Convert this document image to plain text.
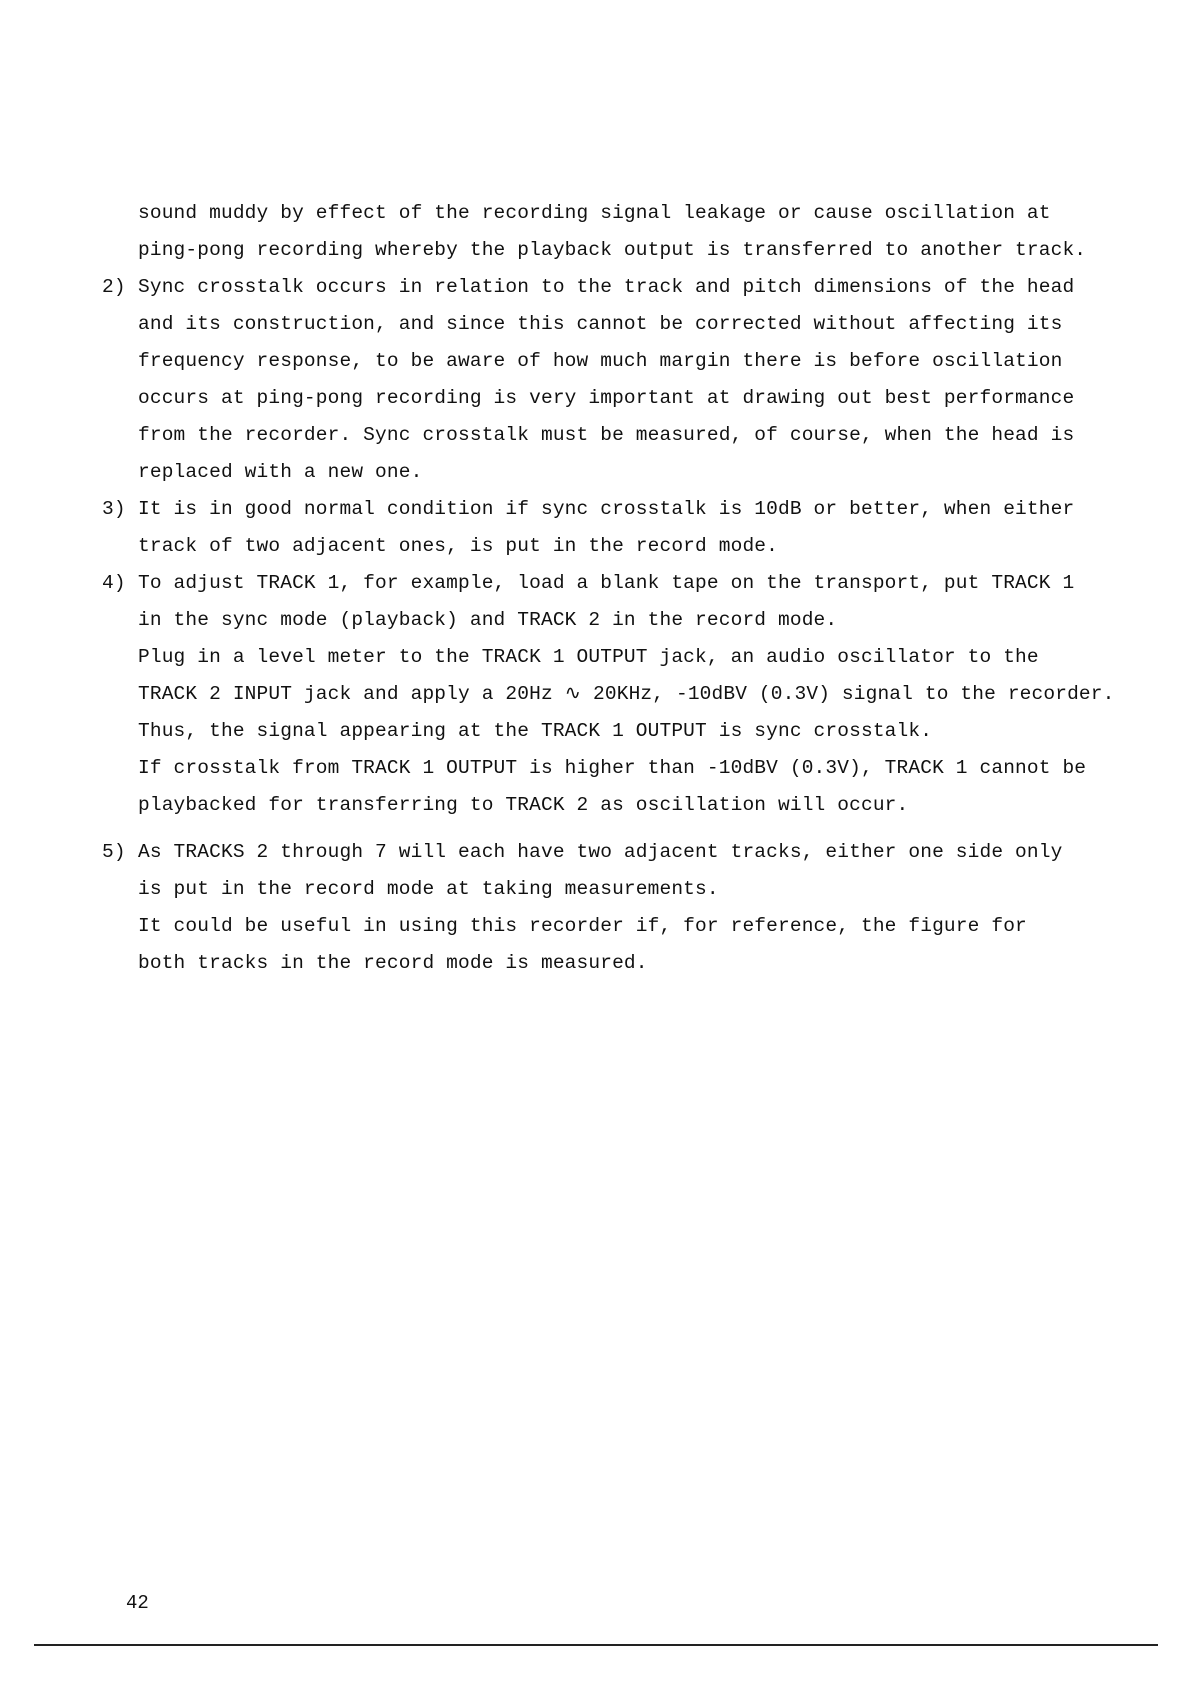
sound muddy by effect of the recording signal leakage or cause oscillation at
ping-pong recording whereby the playback output is transferred to another track.
2) Sync crosstalk occurs in relation to the track and pitch dimensions of the head
and its construction, and since this cannot be corrected without affecting its
frequency response, to be aware of how much margin there is before oscillation
occurs at ping-pong recording is very important at drawing out best performance
from the recorder. Sync crosstalk must be measured, of course, when the head is
replaced with a new one.
3) It is in good normal condition if sync crosstalk is 10dB or better, when either
track of two adjacent ones, is put in the record mode.
4) To adjust TRACK 1, for example, load a blank tape on the transport, put TRACK 1
in the sync mode (playback) and TRACK 2 in the record mode.
Plug in a level meter to the TRACK 1 OUTPUT jack, an audio oscillator to the
TRACK 2 INPUT jack and apply a 20Hz ∿ 20KHz, -10dBV (0.3V) signal to the recorder.
Thus, the signal appearing at the TRACK 1 OUTPUT is sync crosstalk.
If crosstalk from TRACK 1 OUTPUT is higher than -10dBV (0.3V), TRACK 1 cannot be
playbacked for transferring to TRACK 2 as oscillation will occur.
5) As TRACKS 2 through 7 will each have two adjacent tracks, either one side only
is put in the record mode at taking measurements.
It could be useful in using this recorder if, for reference, the figure for
both tracks in the record mode is measured.
42
